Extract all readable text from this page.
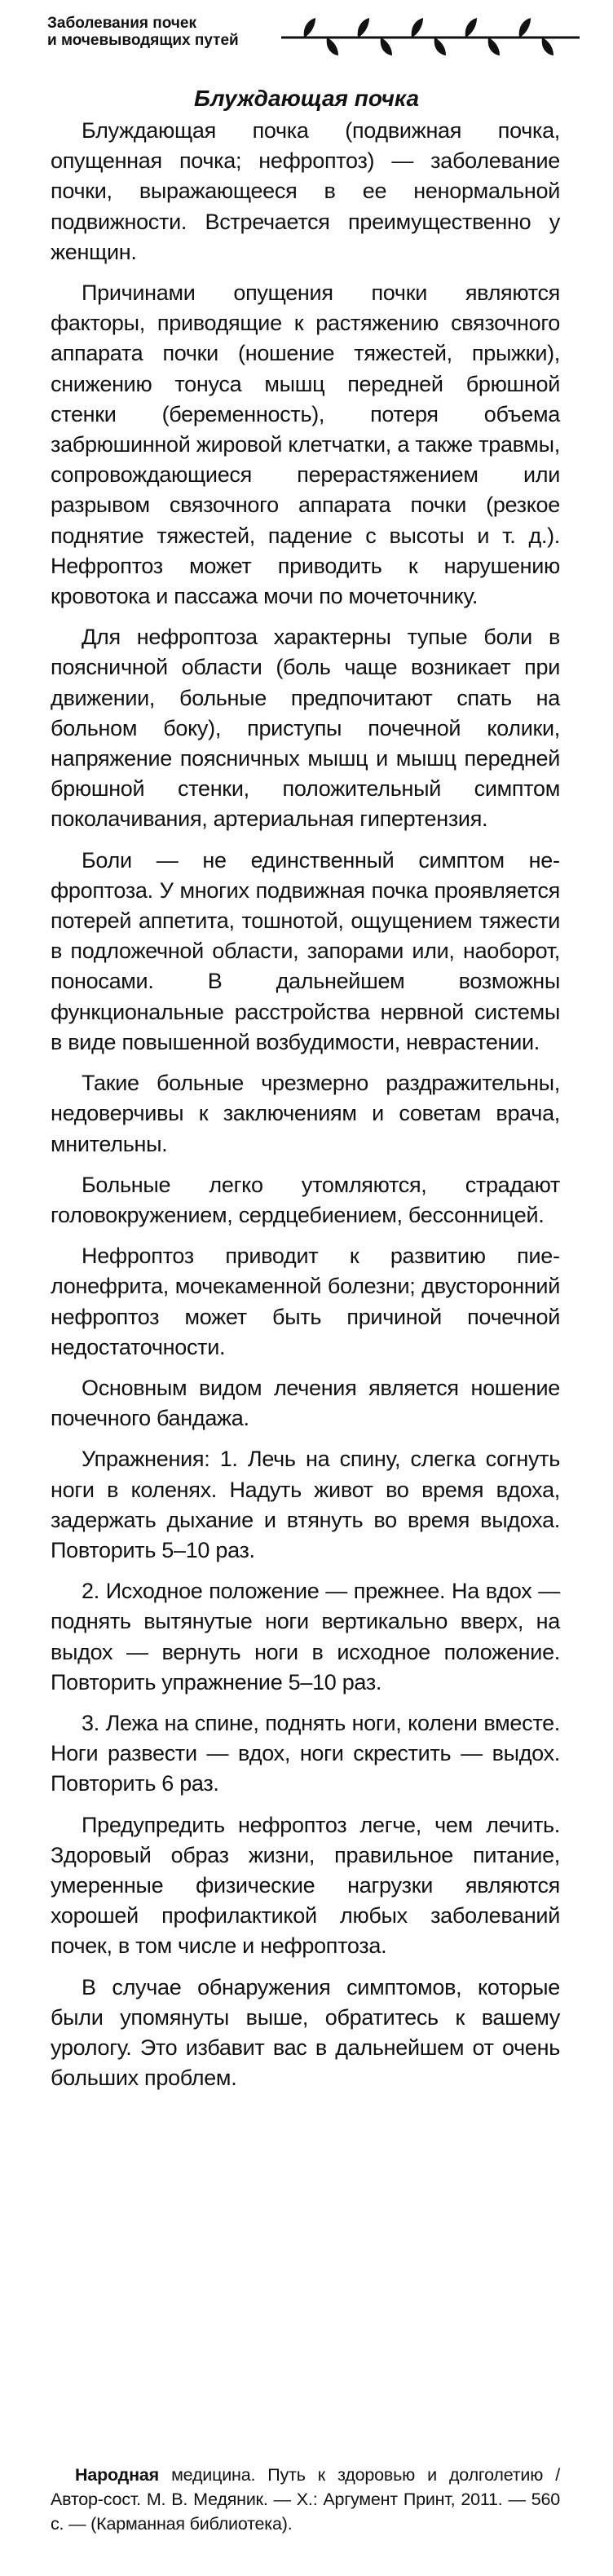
Заболевания почек
и мочевыводящих путей
Блуждающая почка

Блуждающая почка (подвижная почка, опущенная почка; нефроптоз) — заболевание почки, выражающееся в ее ненормальной подвижности. Встречается преимущественно у женщин.

Причинами опущения почки являются факторы, приводящие к растяжению связочного аппарата почки (ношение тяжестей, прыжки), снижению тонуса мышц передней брюшной стенки (беременность), потеря объема забрюшинной жировой клетчатки, а также травмы, сопровождающиеся перерастяжением или разрывом связочного аппарата почки (резкое поднятие тяжестей, падение с высоты и т. д.). Нефроптоз может приводить к нарушению кровотока и пассажа мочи по мочеточнику.

Для нефроптоза характерны тупые боли в поясничной области (боль чаще возникает при движении, больные предпочитают спать на больном боку), приступы почечной колики, напряжение поясничных мышц и мышц передней брюшной стенки, положительный симптом поколачивания, артериальная гипертензия.

Боли — не единственный симптом нефроптоза. У многих подвижная почка проявляется потерей аппетита, тошнотой, ощущением тяжести в подложечной области, запорами или, наоборот, поносами. В дальнейшем возможны функциональные расстройства нервной системы в виде повышенной возбудимости, неврастении.

Такие больные чрезмерно раздражительны, недоверчивы к заключениям и советам врача, мнительны.

Больные легко утомляются, страдают головокружением, сердцебиением, бессонницей.

Нефроптоз приводит к развитию пиелонефрита, мочекаменной болезни; двусторонний нефроптоз может быть причиной почечной недостаточности.

Основным видом лечения является ношение почечного бандажа.

Упражнения: 1. Лечь на спину, слегка согнуть ноги в коленях. Надуть живот во время вдоха, задержать дыхание и втянуть во время выдоха. Повторить 5–10 раз.

2. Исходное положение — прежнее. На вдох — поднять вытянутые ноги вертикально вверх, на выдох — вернуть ноги в исходное положение. Повторить упражнение 5–10 раз.

3. Лежа на спине, поднять ноги, колени вместе. Ноги развести — вдох, ноги скрестить — выдох. Повторить 6 раз.

Предупредить нефроптоз легче, чем лечить. Здоровый образ жизни, правильное питание, умеренные физические нагрузки являются хорошей профилактикой любых заболеваний почек, в том числе и нефроптоза.

В случае обнаружения симптомов, которые были упомянуты выше, обратитесь к вашему урологу. Это избавит вас в дальнейшем от очень больших проблем.

Народная медицина. Путь к здоровью и долголетию / Автор-сост. М. В. Медяник. — Х.: Аргумент Принт, 2011. — 560 с. — (Карманная библиотека).
